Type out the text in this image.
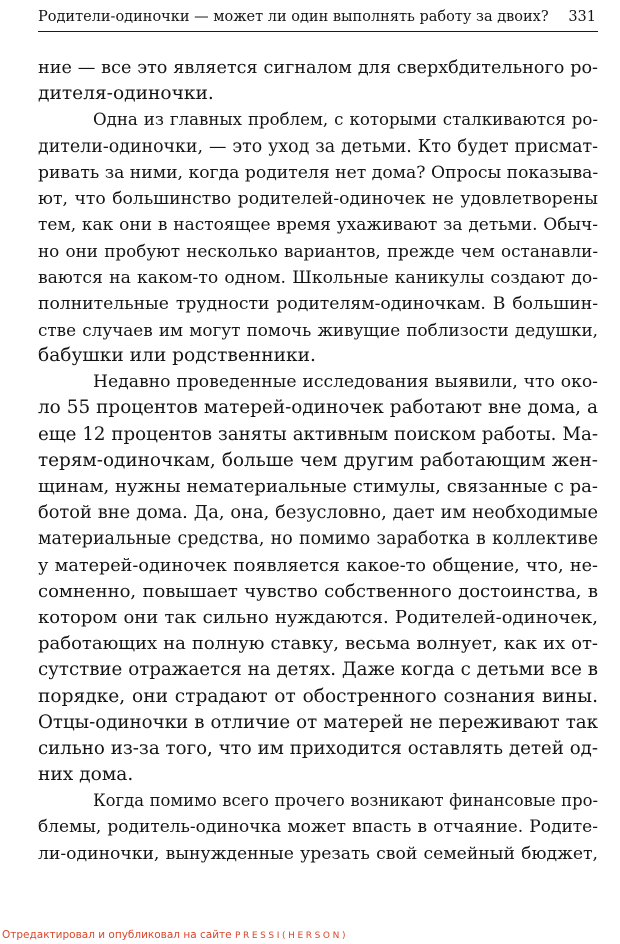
Родители-одиночки — может ли один выполнять работу за двоих? 331
ние — все это является сигналом для сверхбдительного ро-
дителя-одиночки.
Одна из главных проблем, с которыми сталкиваются ро-
дители-одиночки, — это уход за детьми. Кто будет присмат-
ривать за ними, когда родителя нет дома? Опросы показыва-
ют, что большинство родителей-одиночек не удовлетворены
тем, как они в настоящее время ухаживают за детьми. Обыч-
но они пробуют несколько вариантов, прежде чем останавли-
ваются на каком-то одном. Школьные каникулы создают до-
полнительные трудности родителям-одиночкам. В большин-
стве случаев им могут помочь живущие поблизости дедушки,
бабушки или родственники.
Недавно проведенные исследования выявили, что око-
ло 55 процентов матерей-одиночек работают вне дома, а
еще 12 процентов заняты активным поиском работы. Ма-
терям-одиночкам, больше чем другим работающим жен-
щинам, нужны нематериальные стимулы, связанные с ра-
ботой вне дома. Да, она, безусловно, дает им необходимые
материальные средства, но помимо заработка в коллективе
у матерей-одиночек появляется какое-то общение, что, не-
сомненно, повышает чувство собственного достоинства, в
котором они так сильно нуждаются. Родителей-одиночек,
работающих на полную ставку, весьма волнует, как их от-
сутствие отражается на детях. Даже когда с детьми все в
порядке, они страдают от обостренного сознания вины.
Отцы-одиночки в отличие от матерей не переживают так
сильно из-за того, что им приходится оставлять детей од-
них дома.
Когда помимо всего прочего возникают финансовые про-
блемы, родитель-одиночка может впасть в отчаяние. Родите-
ли-одиночки, вынужденные урезать свой семейный бюджет,
Отредактировал и опубликовал на сайте PRESSI(HERSON)
